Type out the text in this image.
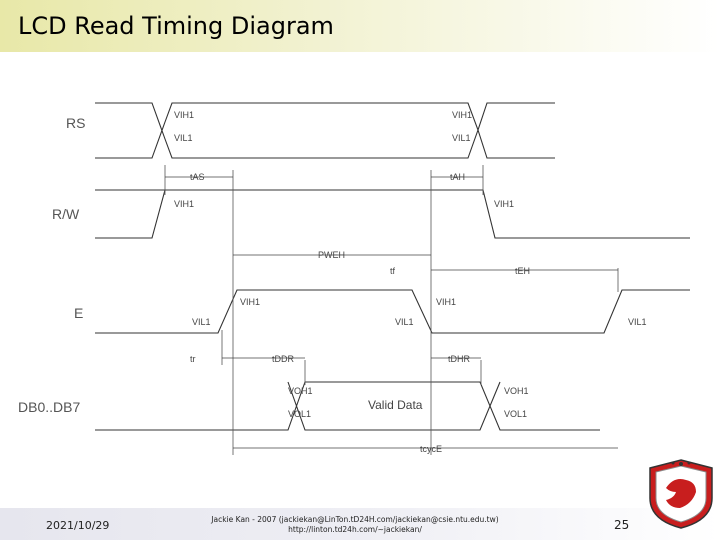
LCD Read Timing Diagram
RS
R/W
E
DB0..DB7
VIH1
VIL1
VIH1
VIL1
tAS	tAH
VIH1	VIH1
PWEH
tf	tEH
VIH1
VIL1
VIH1
VIL1	VIL1
tr	tDDR	tDHR
VOH1
VOL1
VOH1
VOL1
tcycE
Valid Data
2021/10/29	Jackie Kan - 2007 (jackiekan@LinTon.tD24H.com/jackiekan@csie.ntu.edu.tw)
http://linton.td24h.com/~jackiekan/	25
